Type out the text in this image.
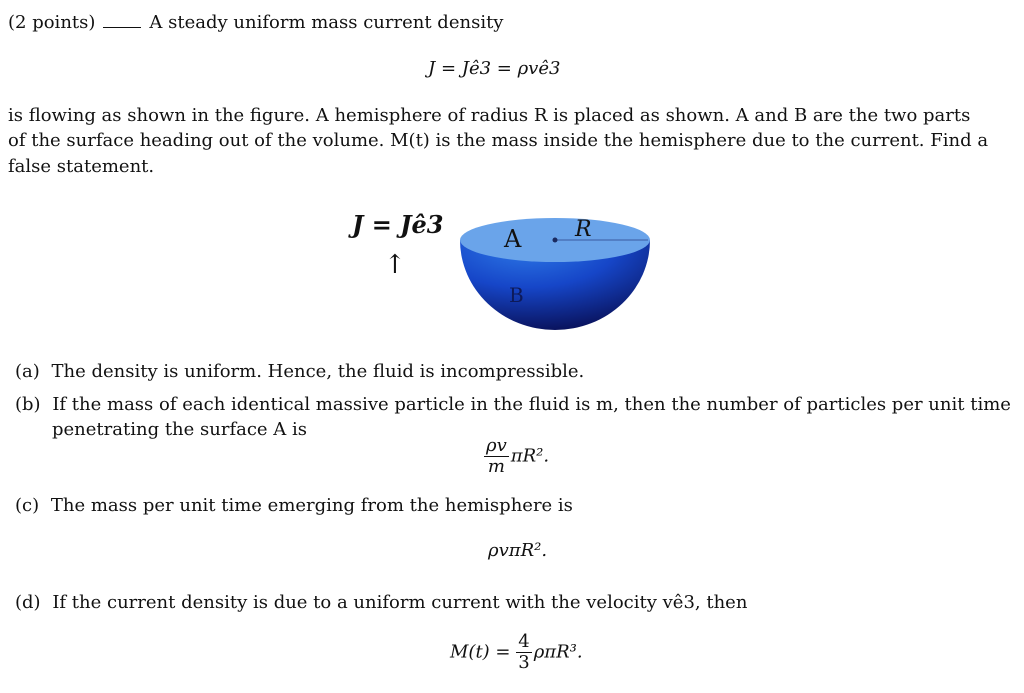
(2 points)	A steady uniform mass current density
J = Jê3 = ρvê3
is flowing as shown in the figure. A hemisphere of radius R is placed as shown. A and B are the two parts
of the surface heading out of the volume. M(t) is the mass inside the hemisphere due to the current. Find a
false statement.
J = Jê3
↑
A R
B
(a) The density is uniform. Hence, the fluid is incompressible.
(b) If the mass of each identical massive particle in the fluid is m, then the number of particles per unit time
penetrating the surface A is
$\frac{\rho v}{m} \pi R^2$.
(c) The mass per unit time emerging from the hemisphere is
ρvπR².
(d) If the current density is due to a uniform current with the velocity vê3, then
$M(t) = \frac{4}{3} \rho\pi R^3$.
